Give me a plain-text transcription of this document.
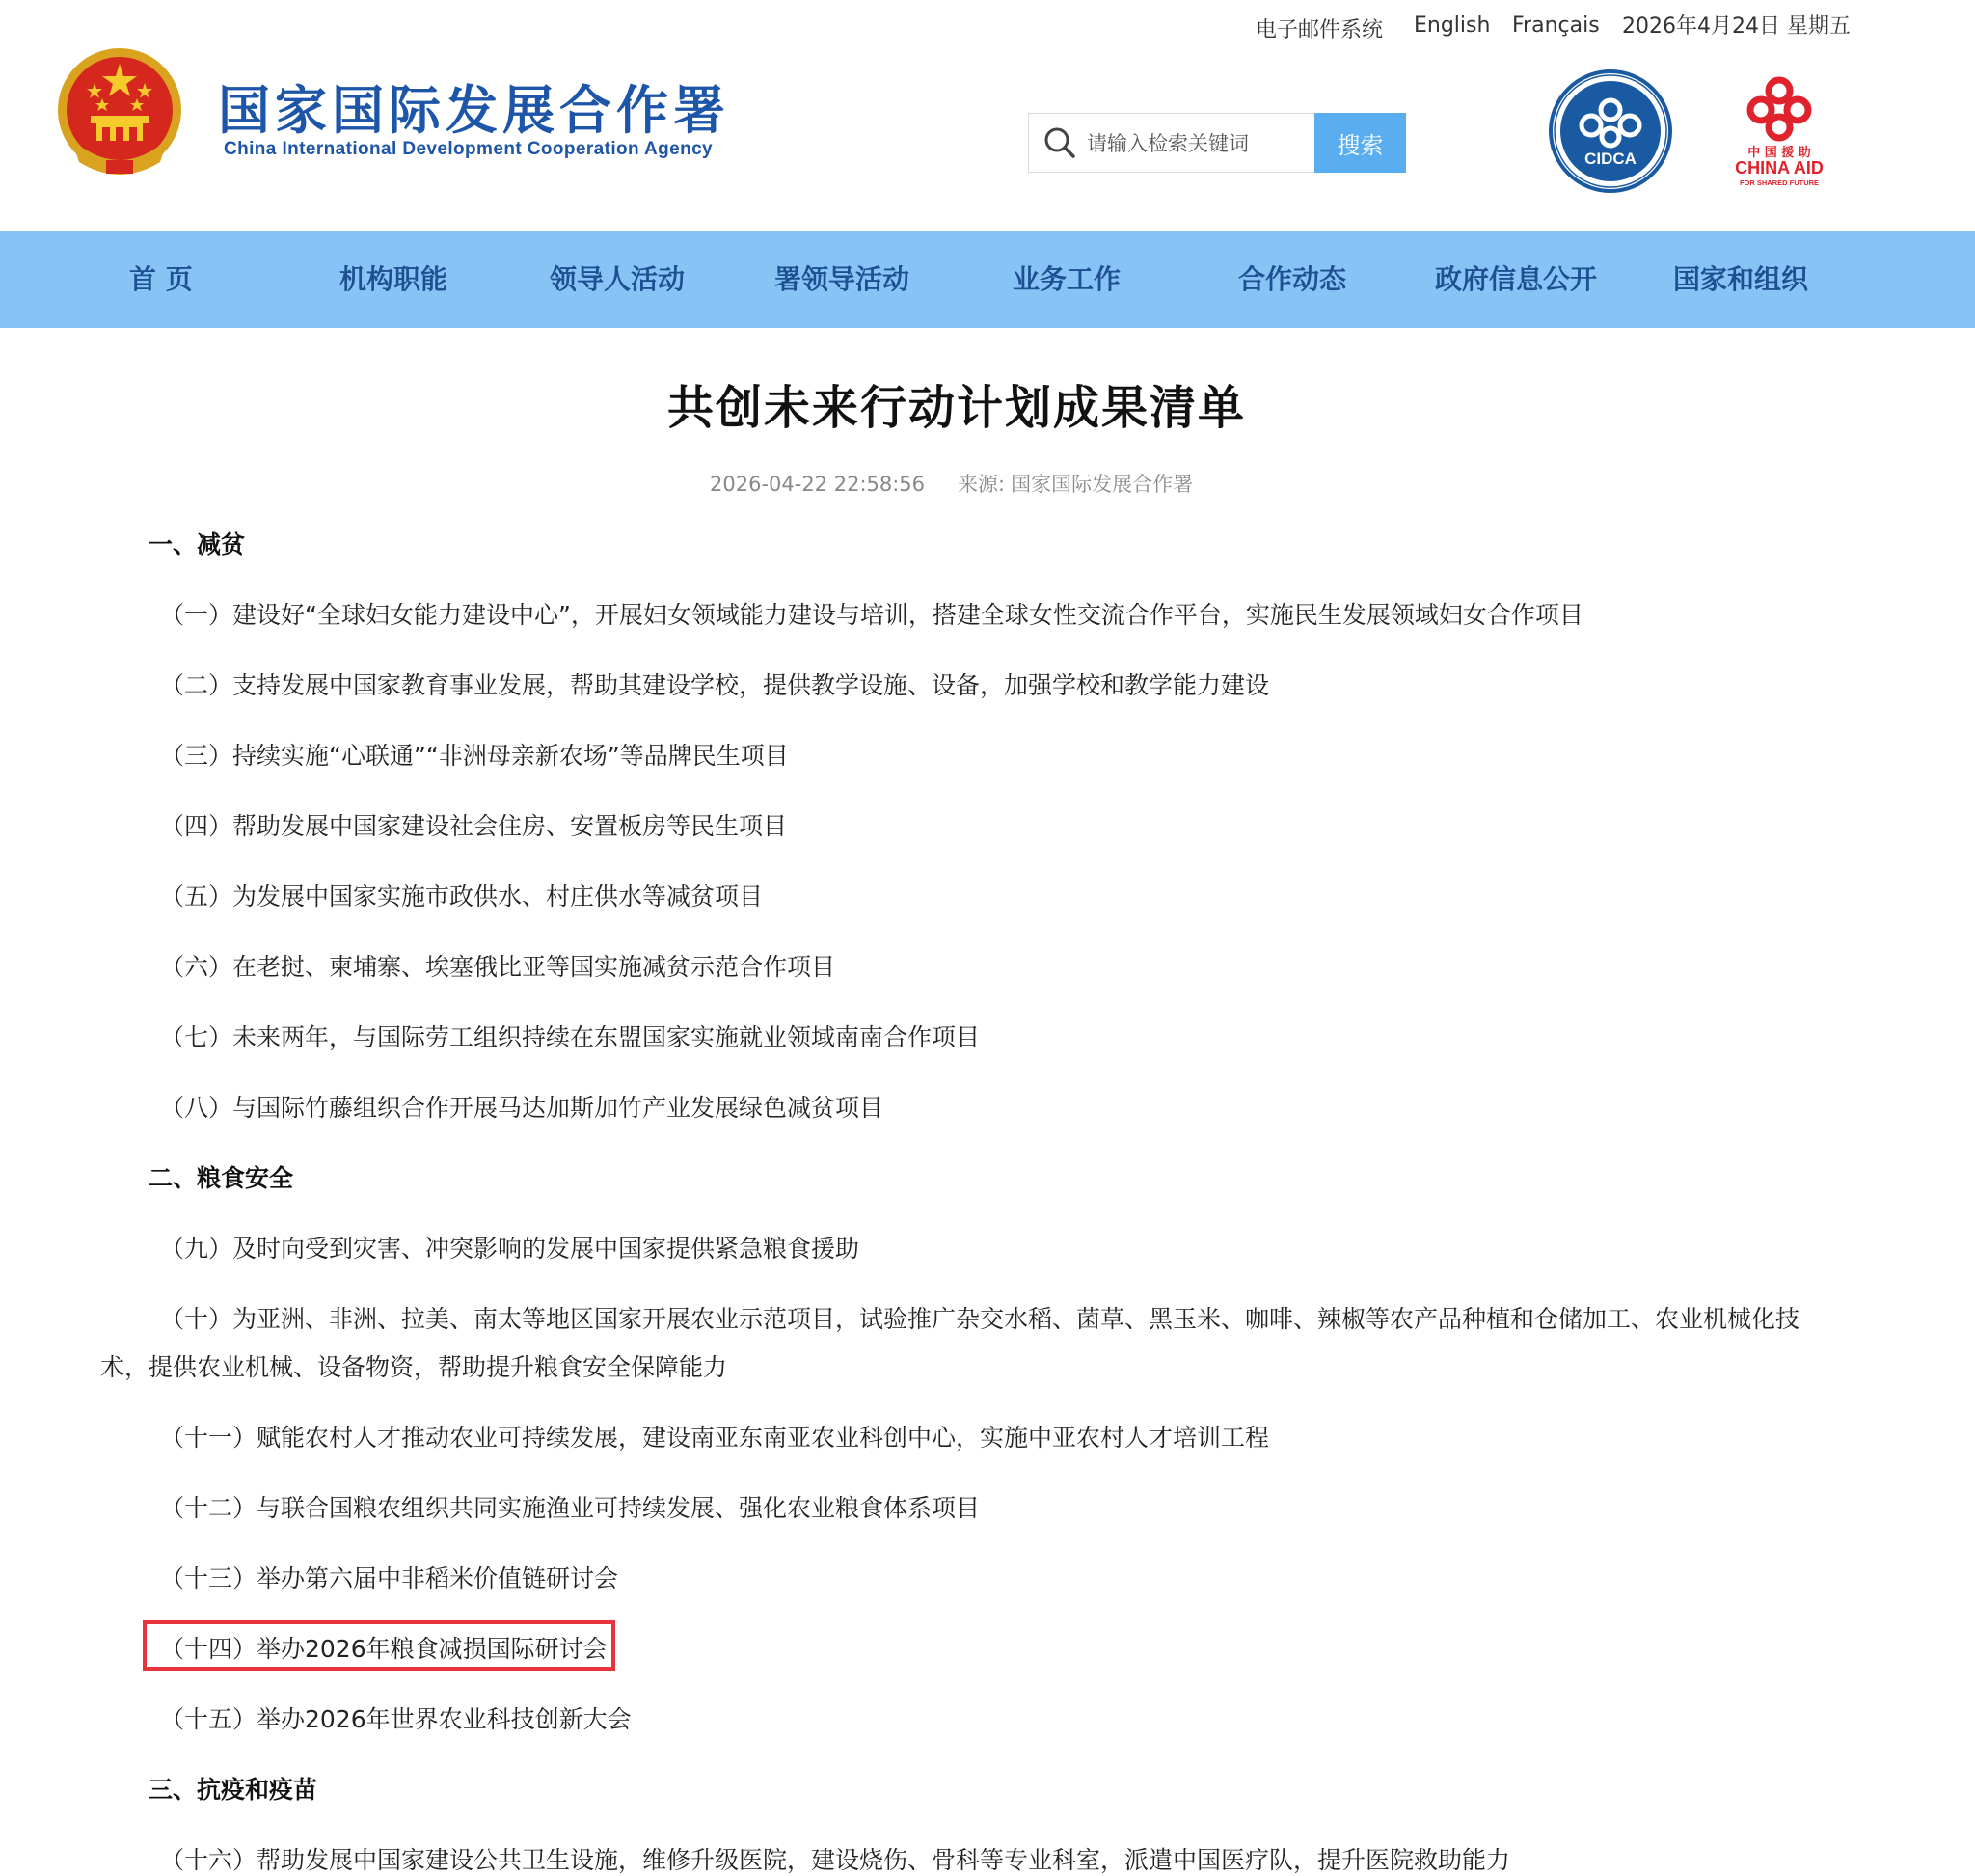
电子邮件系统 English Français 2026年4月24日 星期五
国家国际发展合作署
China International Development Cooperation Agency
请输入检索关键词	搜索	CIDCA	中 国 援 助
CHINA AID
FOR SHARED FUTURE
首 页	机构职能	领导人活动	署领导活动	业务工作	合作动态	政府信息公开	国家和组织
共创未来行动计划成果清单
2026-04-22 22:58:56 来源: 国家国际发展合作署
一、减贫
（一）建设好“全球妇女能力建设中心”，开展妇女领域能力建设与培训，搭建全球女性交流合作平台，实施民生发展领域妇女合作项目
（二）支持发展中国家教育事业发展，帮助其建设学校，提供教学设施、设备，加强学校和教学能力建设
（三）持续实施“心联通”“非洲母亲新农场”等品牌民生项目
（四）帮助发展中国家建设社会住房、安置板房等民生项目
（五）为发展中国家实施市政供水、村庄供水等减贫项目
（六）在老挝、柬埔寨、埃塞俄比亚等国实施减贫示范合作项目
（七）未来两年，与国际劳工组织持续在东盟国家实施就业领域南南合作项目
（八）与国际竹藤组织合作开展马达加斯加竹产业发展绿色减贫项目
二、粮食安全
（九）及时向受到灾害、冲突影响的发展中国家提供紧急粮食援助
（十）为亚洲、非洲、拉美、南太等地区国家开展农业示范项目，试验推广杂交水稻、菌草、黑玉米、咖啡、辣椒等农产品种植和仓储加工、农业机械化技
术，提供农业机械、设备物资，帮助提升粮食安全保障能力
（十一）赋能农村人才推动农业可持续发展，建设南亚东南亚农业科创中心，实施中亚农村人才培训工程
（十二）与联合国粮农组织共同实施渔业可持续发展、强化农业粮食体系项目
（十三）举办第六届中非稻米价值链研讨会
（十四）举办2026年粮食减损国际研讨会
（十五）举办2026年世界农业科技创新大会
三、抗疫和疫苗
（十六）帮助发展中国家建设公共卫生设施，维修升级医院，建设烧伤、骨科等专业科室，派遣中国医疗队，提升医院救助能力
